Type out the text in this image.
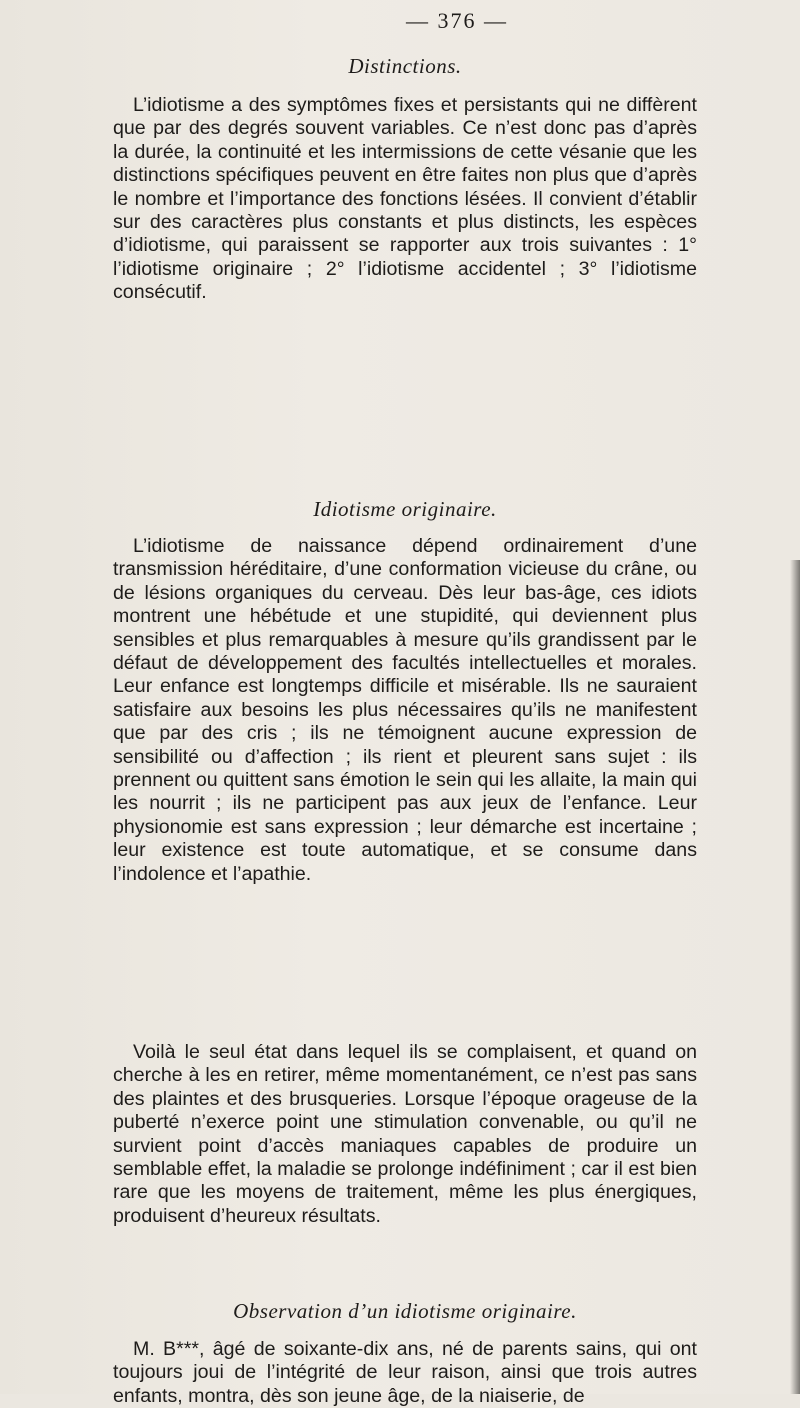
— 376 —
Distinctions.

L’idiotisme a des symptômes fixes et persistants qui ne diffèrent que par des degrés souvent variables. Ce n’est donc pas d’après la durée, la continuité et les intermissions de cette vésanie que les distinctions spécifiques peuvent en être faites non plus que d’après le nombre et l’importance des fonctions lésées. Il convient d’établir sur des caractères plus constants et plus distincts, les espèces d’idiotisme, qui paraissent se rapporter aux trois suivantes : 1° l’idiotisme originaire ; 2° l’idiotisme accidentel ; 3° l’idiotisme consécutif.

Idiotisme originaire.

L’idiotisme de naissance dépend ordinairement d’une transmission héréditaire, d’une conformation vicieuse du crâne, ou de lésions organiques du cerveau. Dès leur bas-âge, ces idiots montrent une hébétude et une stupidité, qui deviennent plus sensibles et plus remarquables à mesure qu’ils grandissent par le défaut de développement des facultés intellectuelles et morales. Leur enfance est longtemps difficile et misérable. Ils ne sauraient satisfaire aux besoins les plus nécessaires qu’ils ne manifestent que par des cris ; ils ne témoignent aucune expression de sensibilité ou d’affection ; ils rient et pleurent sans sujet : ils prennent ou quittent sans émotion le sein qui les allaite, la main qui les nourrit ; ils ne participent pas aux jeux de l’enfance. Leur physionomie est sans expression ; leur démarche est incertaine ; leur existence est toute automatique, et se consume dans l’indolence et l’apathie.

Voilà le seul état dans lequel ils se complaisent, et quand on cherche à les en retirer, même momentanément, ce n’est pas sans des plaintes et des brusqueries. Lorsque l’époque orageuse de la puberté n’exerce point une stimulation convenable, ou qu’il ne survient point d’accès maniaques capables de produire un semblable effet, la maladie se prolonge indéfiniment ; car il est bien rare que les moyens de traitement, même les plus énergiques, produisent d’heureux résultats.

Observation d’un idiotisme originaire.

M. B***, âgé de soixante-dix ans, né de parents sains, qui ont toujours joui de l’intégrité de leur raison, ainsi que trois autres enfants, montra, dès son jeune âge, de la niaiserie, de
